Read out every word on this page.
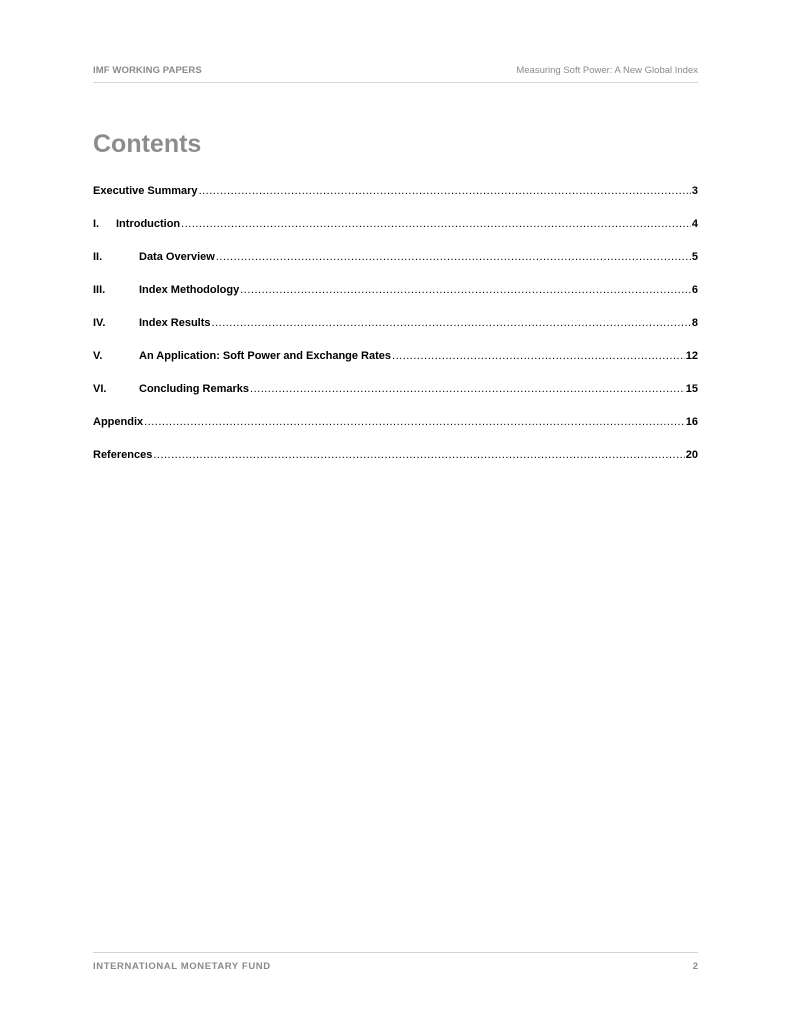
IMF WORKING PAPERS	Measuring Soft Power: A New Global Index
Contents
Executive Summary .....	3
I.	Introduction .....	4
II.	Data Overview .....	5
III.	Index Methodology .....	6
IV.	Index Results .....	8
V.	An Application: Soft Power and Exchange Rates .....	12
VI.	Concluding Remarks .....	15
Appendix .....	16
References .....	20
INTERNATIONAL MONETARY FUND	2
